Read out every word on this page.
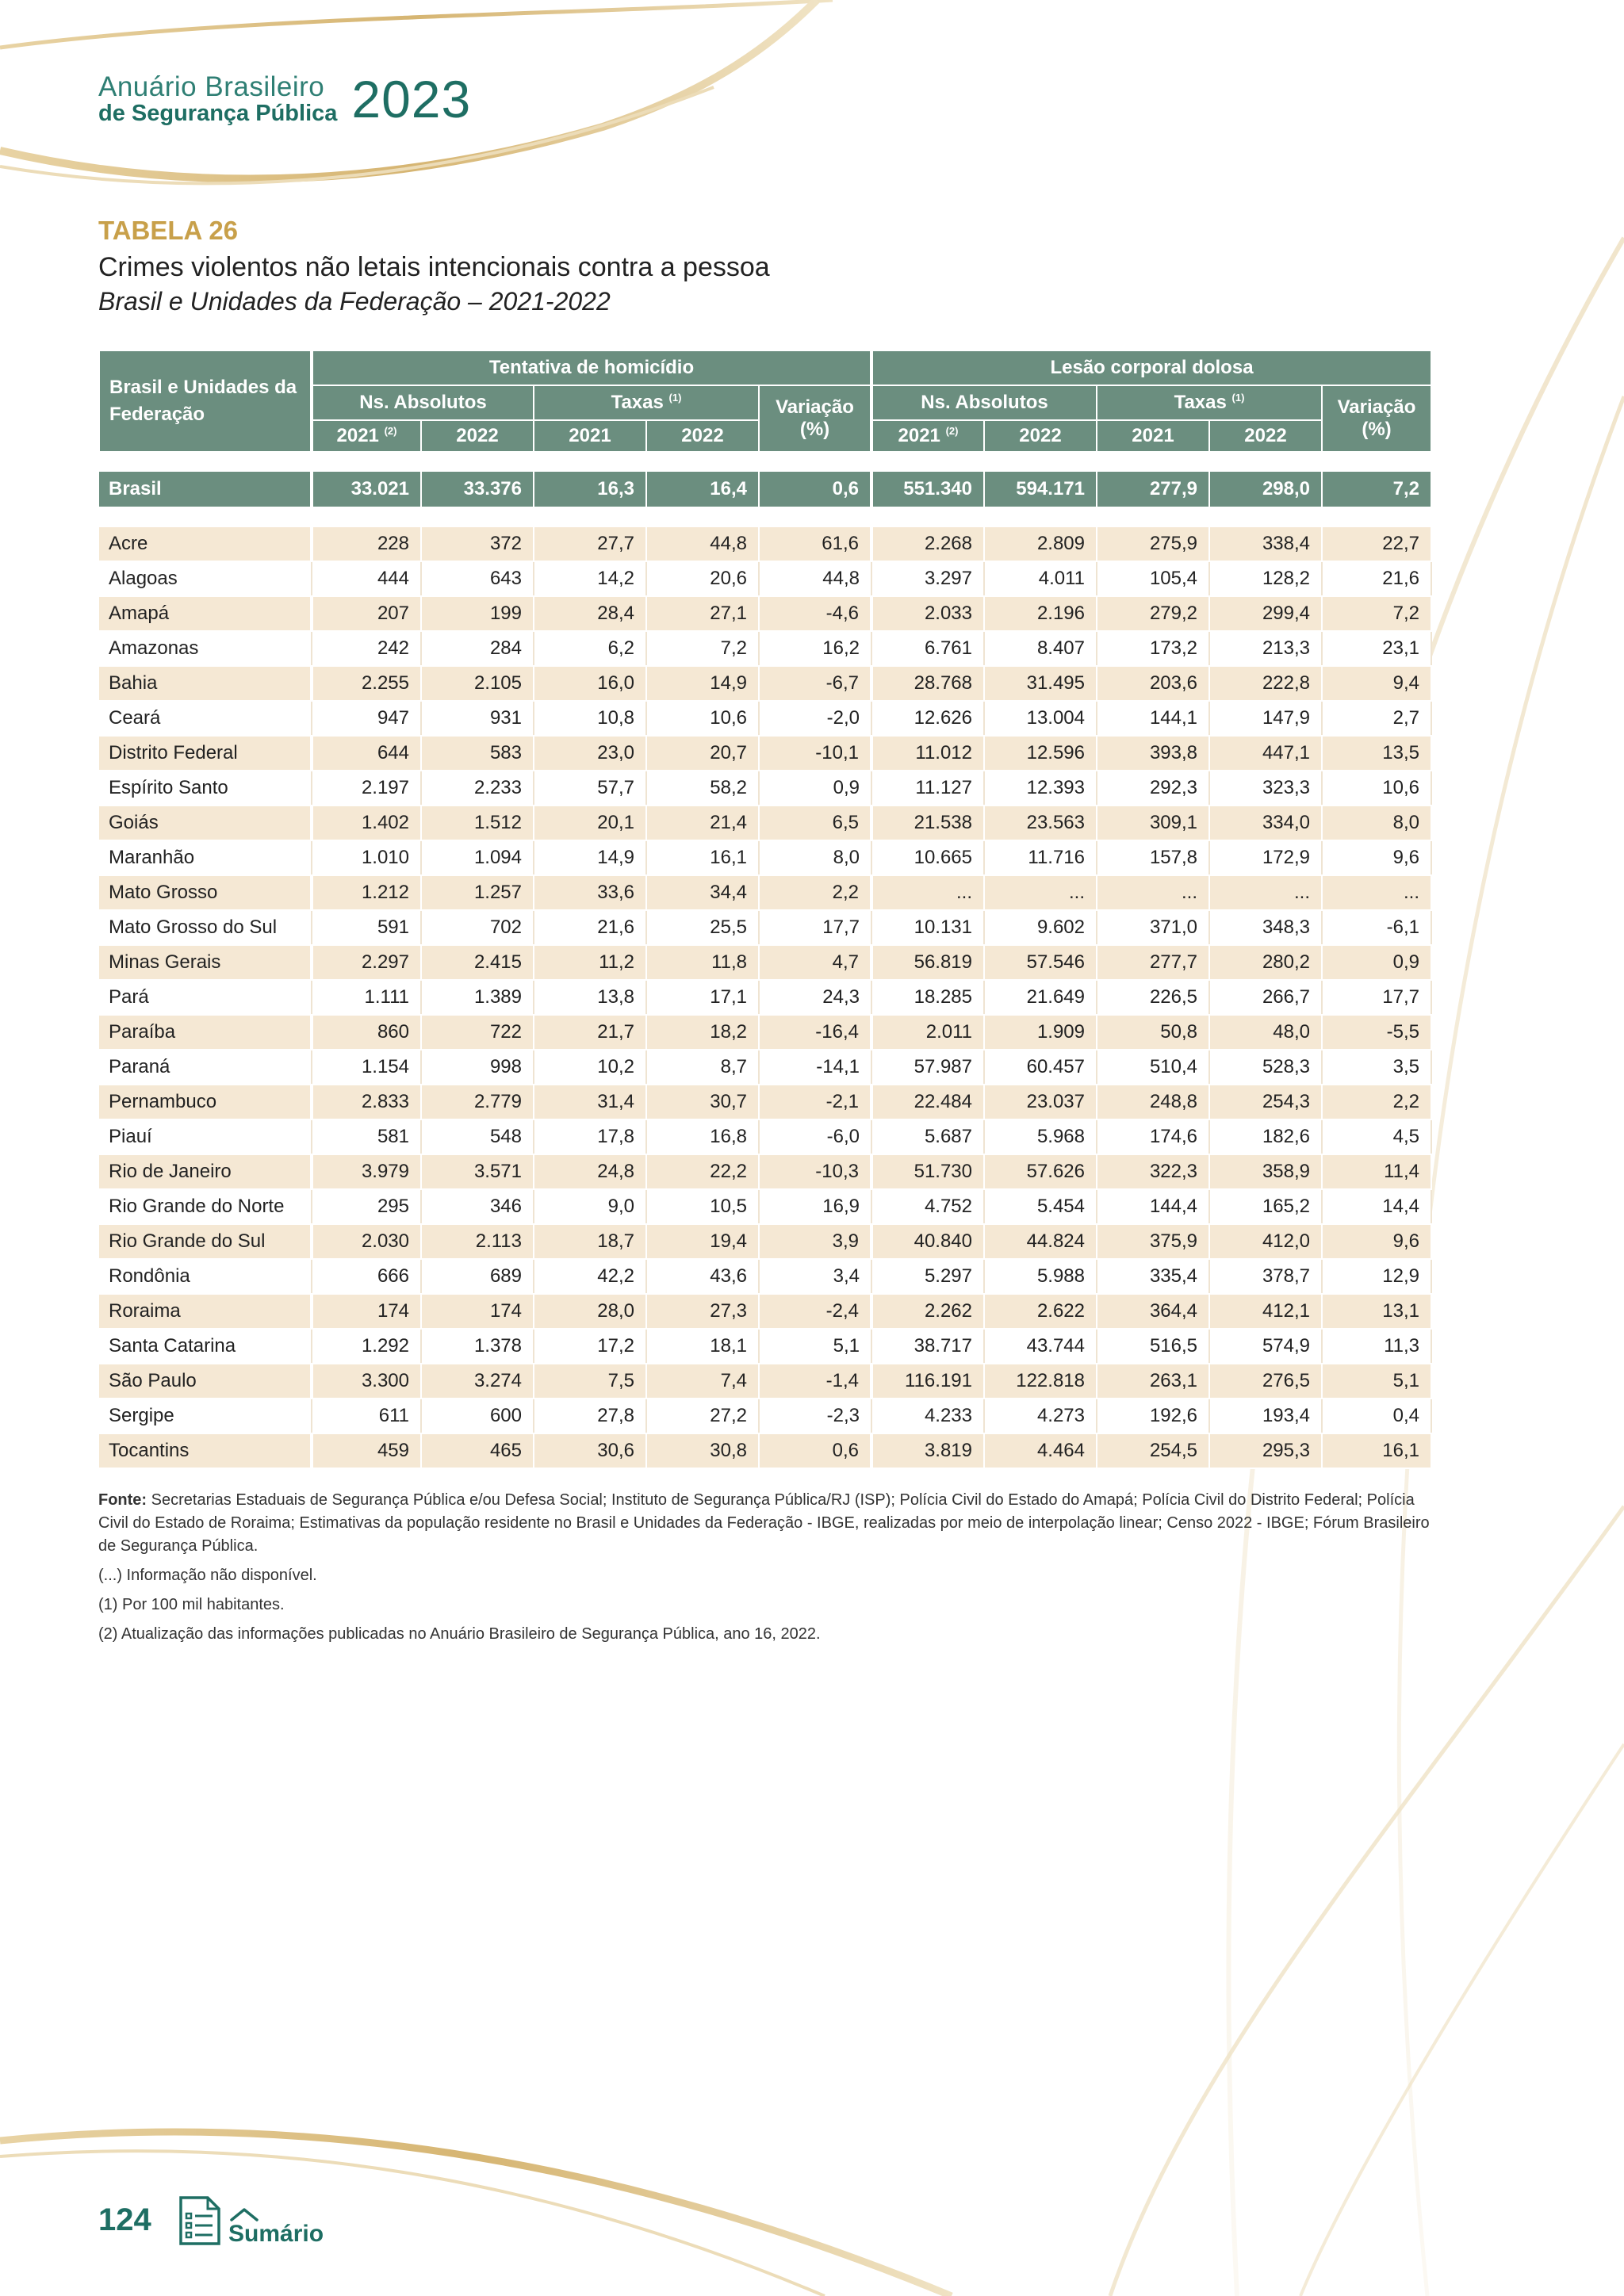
Anuário Brasileiro
de Segurança Pública 2023
TABELA 26
Crimes violentos não letais intencionais contra a pessoa
Brasil e Unidades da Federação – 2021-2022
Brasil e Unidades da Federação	Tentativa de homicídio					Lesão corporal dolosa				
	Ns. Absolutos		Taxas $^{(1)}$		Variação (%)	Ns. Absolutos		Taxas $^{(1)}$		Variação (%)
	2021 $^{(2)}$	2022	2021	2022		2021 $^{(2)}$	2022	2021	2022	

Brasil	33.021	33.376	16,3	16,4	0,6	551.340	594.171	277,9	298,0	7,2

Acre	228	372	27,7	44,8	61,6	2.268	2.809	275,9	338,4	22,7
Alagoas	444	643	14,2	20,6	44,8	3.297	4.011	105,4	128,2	21,6
Amapá	207	199	28,4	27,1	-4,6	2.033	2.196	279,2	299,4	7,2
Amazonas	242	284	6,2	7,2	16,2	6.761	8.407	173,2	213,3	23,1
Bahia	2.255	2.105	16,0	14,9	-6,7	28.768	31.495	203,6	222,8	9,4
Ceará	947	931	10,8	10,6	-2,0	12.626	13.004	144,1	147,9	2,7
Distrito Federal	644	583	23,0	20,7	-10,1	11.012	12.596	393,8	447,1	13,5
Espírito Santo	2.197	2.233	57,7	58,2	0,9	11.127	12.393	292,3	323,3	10,6
Goiás	1.402	1.512	20,1	21,4	6,5	21.538	23.563	309,1	334,0	8,0
Maranhão	1.010	1.094	14,9	16,1	8,0	10.665	11.716	157,8	172,9	9,6
Mato Grosso	1.212	1.257	33,6	34,4	2,2	...	...	...	...	...
Mato Grosso do Sul	591	702	21,6	25,5	17,7	10.131	9.602	371,0	348,3	-6,1
Minas Gerais	2.297	2.415	11,2	11,8	4,7	56.819	57.546	277,7	280,2	0,9
Pará	1.111	1.389	13,8	17,1	24,3	18.285	21.649	226,5	266,7	17,7
Paraíba	860	722	21,7	18,2	-16,4	2.011	1.909	50,8	48,0	-5,5
Paraná	1.154	998	10,2	8,7	-14,1	57.987	60.457	510,4	528,3	3,5
Pernambuco	2.833	2.779	31,4	30,7	-2,1	22.484	23.037	248,8	254,3	2,2
Piauí	581	548	17,8	16,8	-6,0	5.687	5.968	174,6	182,6	4,5
Rio de Janeiro	3.979	3.571	24,8	22,2	-10,3	51.730	57.626	322,3	358,9	11,4
Rio Grande do Norte	295	346	9,0	10,5	16,9	4.752	5.454	144,4	165,2	14,4
Rio Grande do Sul	2.030	2.113	18,7	19,4	3,9	40.840	44.824	375,9	412,0	9,6
Rondônia	666	689	42,2	43,6	3,4	5.297	5.988	335,4	378,7	12,9
Roraima	174	174	28,0	27,3	-2,4	2.262	2.622	364,4	412,1	13,1
Santa Catarina	1.292	1.378	17,2	18,1	5,1	38.717	43.744	516,5	574,9	11,3
São Paulo	3.300	3.274	7,5	7,4	-1,4	116.191	122.818	263,1	276,5	5,1
Sergipe	611	600	27,8	27,2	-2,3	4.233	4.273	192,6	193,4	0,4
Tocantins	459	465	30,6	30,8	0,6	3.819	4.464	254,5	295,3	16,1

Fonte: Secretarias Estaduais de Segurança Pública e/ou Defesa Social; Instituto de Segurança Pública/RJ (ISP); Polícia Civil do Estado do Amapá; Polícia Civil do Distrito Federal; Polícia Civil do Estado de Roraima; Estimativas da população residente no Brasil e Unidades da Federação - IBGE, realizadas por meio de interpolação linear; Censo 2022 - IBGE; Fórum Brasileiro de Segurança Pública.

(...) Informação não disponível.

(1) Por 100 mil habitantes.

(2) Atualização das informações publicadas no Anuário Brasileiro de Segurança Pública, ano 16, 2022.

124	Sumário
